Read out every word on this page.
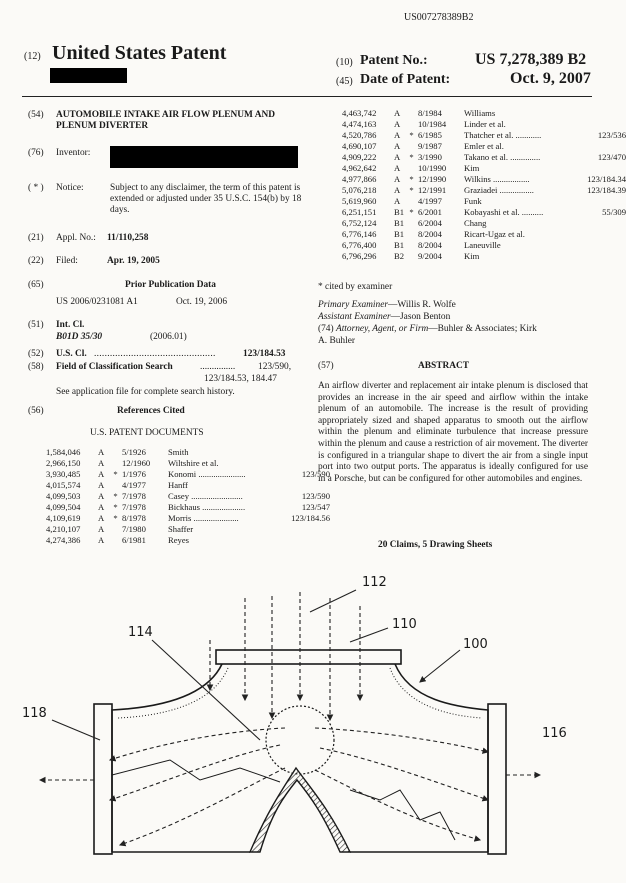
US007278389B2
(12) United States Patent	(10) Patent No.:	US 7,278,389 B2
(45) Date of Patent:	Oct. 9, 2007
(54) AUTOMOBILE INTAKE AIR FLOW PLENUM AND PLENUM DIVERTER
(76) Inventor:
( * ) Notice:	Subject to any disclaimer, the term of this patent is extended or adjusted under 35 U.S.C. 154(b) by 18 days.
(21) Appl. No.: 11/110,258
(22) Filed:	Apr. 19, 2005
(65)	Prior Publication Data
US 2006/0231081 A1	Oct. 19, 2006
(51) Int. Cl.
B01D 35/30	(2006.01)
(52) U.S. Cl. ..............................................	123/184.53
(58) Field of Classification Search	............... 123/590,
123/184.53, 184.47
See application file for complete search history.
(56)	References Cited
U.S. PATENT DOCUMENTS
1,584,046	A	5/1926	Smith
2,966,150	A	12/1960	Wiltshire et al.
3,930,485	A	* 1/1976	Konomi ......................	123/590
4,015,574	A	4/1977	Hanff
4,099,503	A	* 7/1978	Casey ........................	123/590
4,099,504	A	* 7/1978	Bickhaus ....................	123/547
4,109,619	A	* 8/1978	Morris .....................	123/184.56
4,210,107	A	7/1980	Shaffer
4,274,386	A	6/1981	Reyes
4,463,742	A	8/1984	Williams
4,474,163	A	10/1984	Linder et al.
4,520,786	A	* 6/1985	Thatcher et al. ............	123/536
4,690,107	A	9/1987	Emler et al.
4,909,222	A	* 3/1990	Takano et al. ..............	123/470
4,962,642	A	10/1990	Kim
4,977,866	A	* 12/1990	Wilkins .................	123/184.34
5,076,218	A	* 12/1991	Graziadei ................	123/184.39
5,619,960	A	4/1997	Funk
6,251,151	B1 * 6/2001	Kobayashi et al. ..........	55/309
6,752,124	B1 6/2004	Chang
6,776,146	B1 8/2004	Ricart-Ugaz et al.
6,776,400	B1 8/2004	Laneuville
6,796,296	B2 9/2004	Kim
* cited by examiner
Primary Examiner—Willis R. Wolfe
Assistant Examiner—Jason Benton
(74) Attorney, Agent, or Firm—Buhler & Associates; Kirk
A. Buhler
(57)	ABSTRACT
An airflow diverter and replacement air intake plenum is disclosed that provides an increase in the air speed and airflow within the intake plenum of an automobile. The increase is the result of providing appropriately sized and shaped apparatus to smooth out the airflow within the plenum and eliminate turbulence that increase pressure within the plenum and cause a restriction of air movement. The diverter is configured in a triangular shape to divert the air from a single input port into two output ports. The apparatus is ideally configured for use in a Porsche, but can be configured for other automobiles and engines.
20 Claims, 5 Drawing Sheets
112
110
100
114
118
116
